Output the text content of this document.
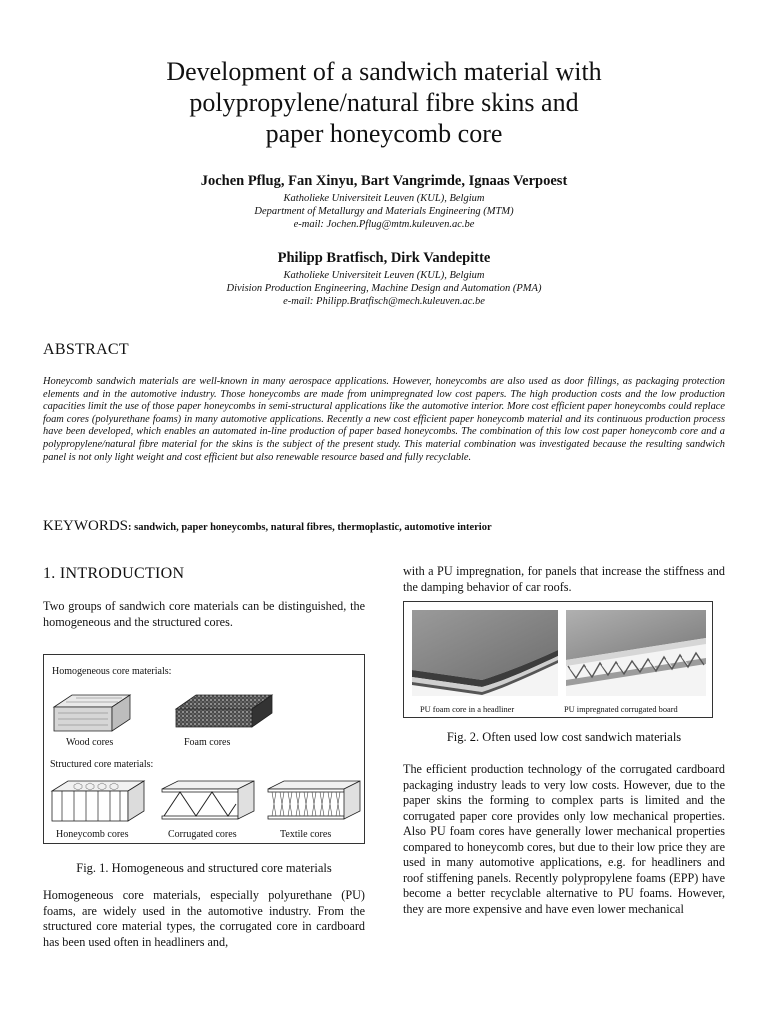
Development of a sandwich material with
polypropylene/natural fibre skins and
paper honeycomb core
Jochen Pflug, Fan Xinyu, Bart Vangrimde, Ignaas Verpoest
Katholieke Universiteit Leuven (KUL), Belgium
Department of Metallurgy and Materials Engineering (MTM)
e-mail: Jochen.Pflug@mtm.kuleuven.ac.be
Philipp Bratfisch, Dirk Vandepitte
Katholieke Universiteit Leuven (KUL), Belgium
Division Production Engineering, Machine Design and Automation (PMA)
e-mail: Philipp.Bratfisch@mech.kuleuven.ac.be
ABSTRACT

Honeycomb sandwich materials are well-known in many aerospace applications. However, honeycombs are also used as door fillings, as packaging protection elements and in the automotive industry. Those honeycombs are made from unimpregnated low cost papers. The high production costs and the low production capacities limit the use of those paper honeycombs in semi-structural applications like the automotive interior. More cost efficient paper honeycombs could replace foam cores (polyurethane foams) in many automotive applications. Recently a new cost efficient paper honeycomb material and its continuous production process have been developed, which enables an automated in-line production of paper based honeycombs. The combination of this low cost paper honeycomb core and a polypropylene/natural fibre material for the skins is the subject of the present study. This material combination was investigated because the resulting sandwich panel is not only light weight and cost efficient but also renewable resource based and fully recyclable.

KEYWORDS: sandwich, paper honeycombs, natural fibres, thermoplastic, automotive interior
1. INTRODUCTION

Two groups of sandwich core materials can be distinguished, the homogeneous and the structured cores.

Homogeneous core materials:
Wood cores	Foam cores
Structured core materials:
Honeycomb cores	Corrugated cores	Textile cores
Fig. 1. Homogeneous and structured core materials

Homogeneous core materials, especially polyurethane (PU) foams, are widely used in the automotive industry. From the structured core material types, the corrugated core in cardboard has been used often in headliners and,

with a PU impregnation, for panels that increase the stiffness and the damping behavior of car roofs.

PU foam core in a headliner	PU impregnated corrugated board
Fig. 2. Often used low cost sandwich materials

The efficient production technology of the corrugated cardboard packaging industry leads to very low costs. However, due to the paper skins the forming to complex parts is limited and the corrugated paper core provides only low mechanical properties. Also PU foam cores have generally lower mechanical properties compared to honeycomb cores, but due to their low price they are used in many automotive applications, e.g. for headliners and roof stiffening panels. Recently polypropylene foams (EPP) have become a better recyclable alternative to PU foams. However, they are more expensive and have even lower mechanical
